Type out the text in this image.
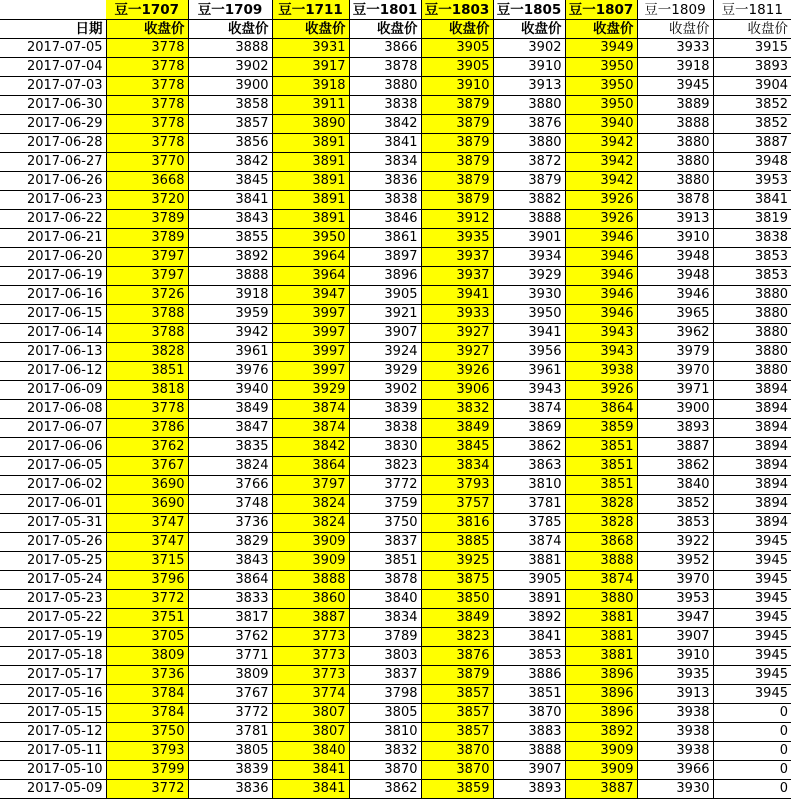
	豆一1707	豆一1709	豆一1711	豆一1801	豆一1803	豆一1805	豆一1807	豆一1809	豆一1811
日期	收盘价	收盘价	收盘价	收盘价	收盘价	收盘价	收盘价	收盘价	收盘价
2017-07-05	3778	3888	3931	3866	3905	3902	3949	3933	3915
2017-07-04	3778	3902	3917	3878	3905	3910	3950	3918	3893
2017-07-03	3778	3900	3918	3880	3910	3913	3950	3945	3904
2017-06-30	3778	3858	3911	3838	3879	3880	3950	3889	3852
2017-06-29	3778	3857	3890	3842	3879	3876	3940	3888	3852
2017-06-28	3778	3856	3891	3841	3879	3880	3942	3880	3887
2017-06-27	3770	3842	3891	3834	3879	3872	3942	3880	3948
2017-06-26	3668	3845	3891	3836	3879	3879	3942	3880	3953
2017-06-23	3720	3841	3891	3838	3879	3882	3926	3878	3841
2017-06-22	3789	3843	3891	3846	3912	3888	3926	3913	3819
2017-06-21	3789	3855	3950	3861	3935	3901	3946	3910	3838
2017-06-20	3797	3892	3964	3897	3937	3934	3946	3948	3853
2017-06-19	3797	3888	3964	3896	3937	3929	3946	3948	3853
2017-06-16	3726	3918	3947	3905	3941	3930	3946	3946	3880
2017-06-15	3788	3959	3997	3921	3933	3950	3946	3965	3880
2017-06-14	3788	3942	3997	3907	3927	3941	3943	3962	3880
2017-06-13	3828	3961	3997	3924	3927	3956	3943	3979	3880
2017-06-12	3851	3976	3997	3929	3926	3961	3938	3970	3880
2017-06-09	3818	3940	3929	3902	3906	3943	3926	3971	3894
2017-06-08	3778	3849	3874	3839	3832	3874	3864	3900	3894
2017-06-07	3786	3847	3874	3838	3849	3869	3859	3893	3894
2017-06-06	3762	3835	3842	3830	3845	3862	3851	3887	3894
2017-06-05	3767	3824	3864	3823	3834	3863	3851	3862	3894
2017-06-02	3690	3766	3797	3772	3793	3810	3851	3840	3894
2017-06-01	3690	3748	3824	3759	3757	3781	3828	3852	3894
2017-05-31	3747	3736	3824	3750	3816	3785	3828	3853	3894
2017-05-26	3747	3829	3909	3837	3885	3874	3868	3922	3945
2017-05-25	3715	3843	3909	3851	3925	3881	3888	3952	3945
2017-05-24	3796	3864	3888	3878	3875	3905	3874	3970	3945
2017-05-23	3772	3833	3860	3840	3850	3891	3880	3953	3945
2017-05-22	3751	3817	3887	3834	3849	3892	3881	3947	3945
2017-05-19	3705	3762	3773	3789	3823	3841	3881	3907	3945
2017-05-18	3809	3771	3773	3803	3876	3853	3881	3910	3945
2017-05-17	3736	3809	3773	3837	3879	3886	3896	3935	3945
2017-05-16	3784	3767	3774	3798	3857	3851	3896	3913	3945
2017-05-15	3784	3772	3807	3805	3857	3870	3896	3938	0
2017-05-12	3750	3781	3807	3810	3857	3883	3892	3938	0
2017-05-11	3793	3805	3840	3832	3870	3888	3909	3938	0
2017-05-10	3799	3839	3841	3870	3870	3907	3909	3966	0
2017-05-09	3772	3836	3841	3862	3859	3893	3887	3930	0
